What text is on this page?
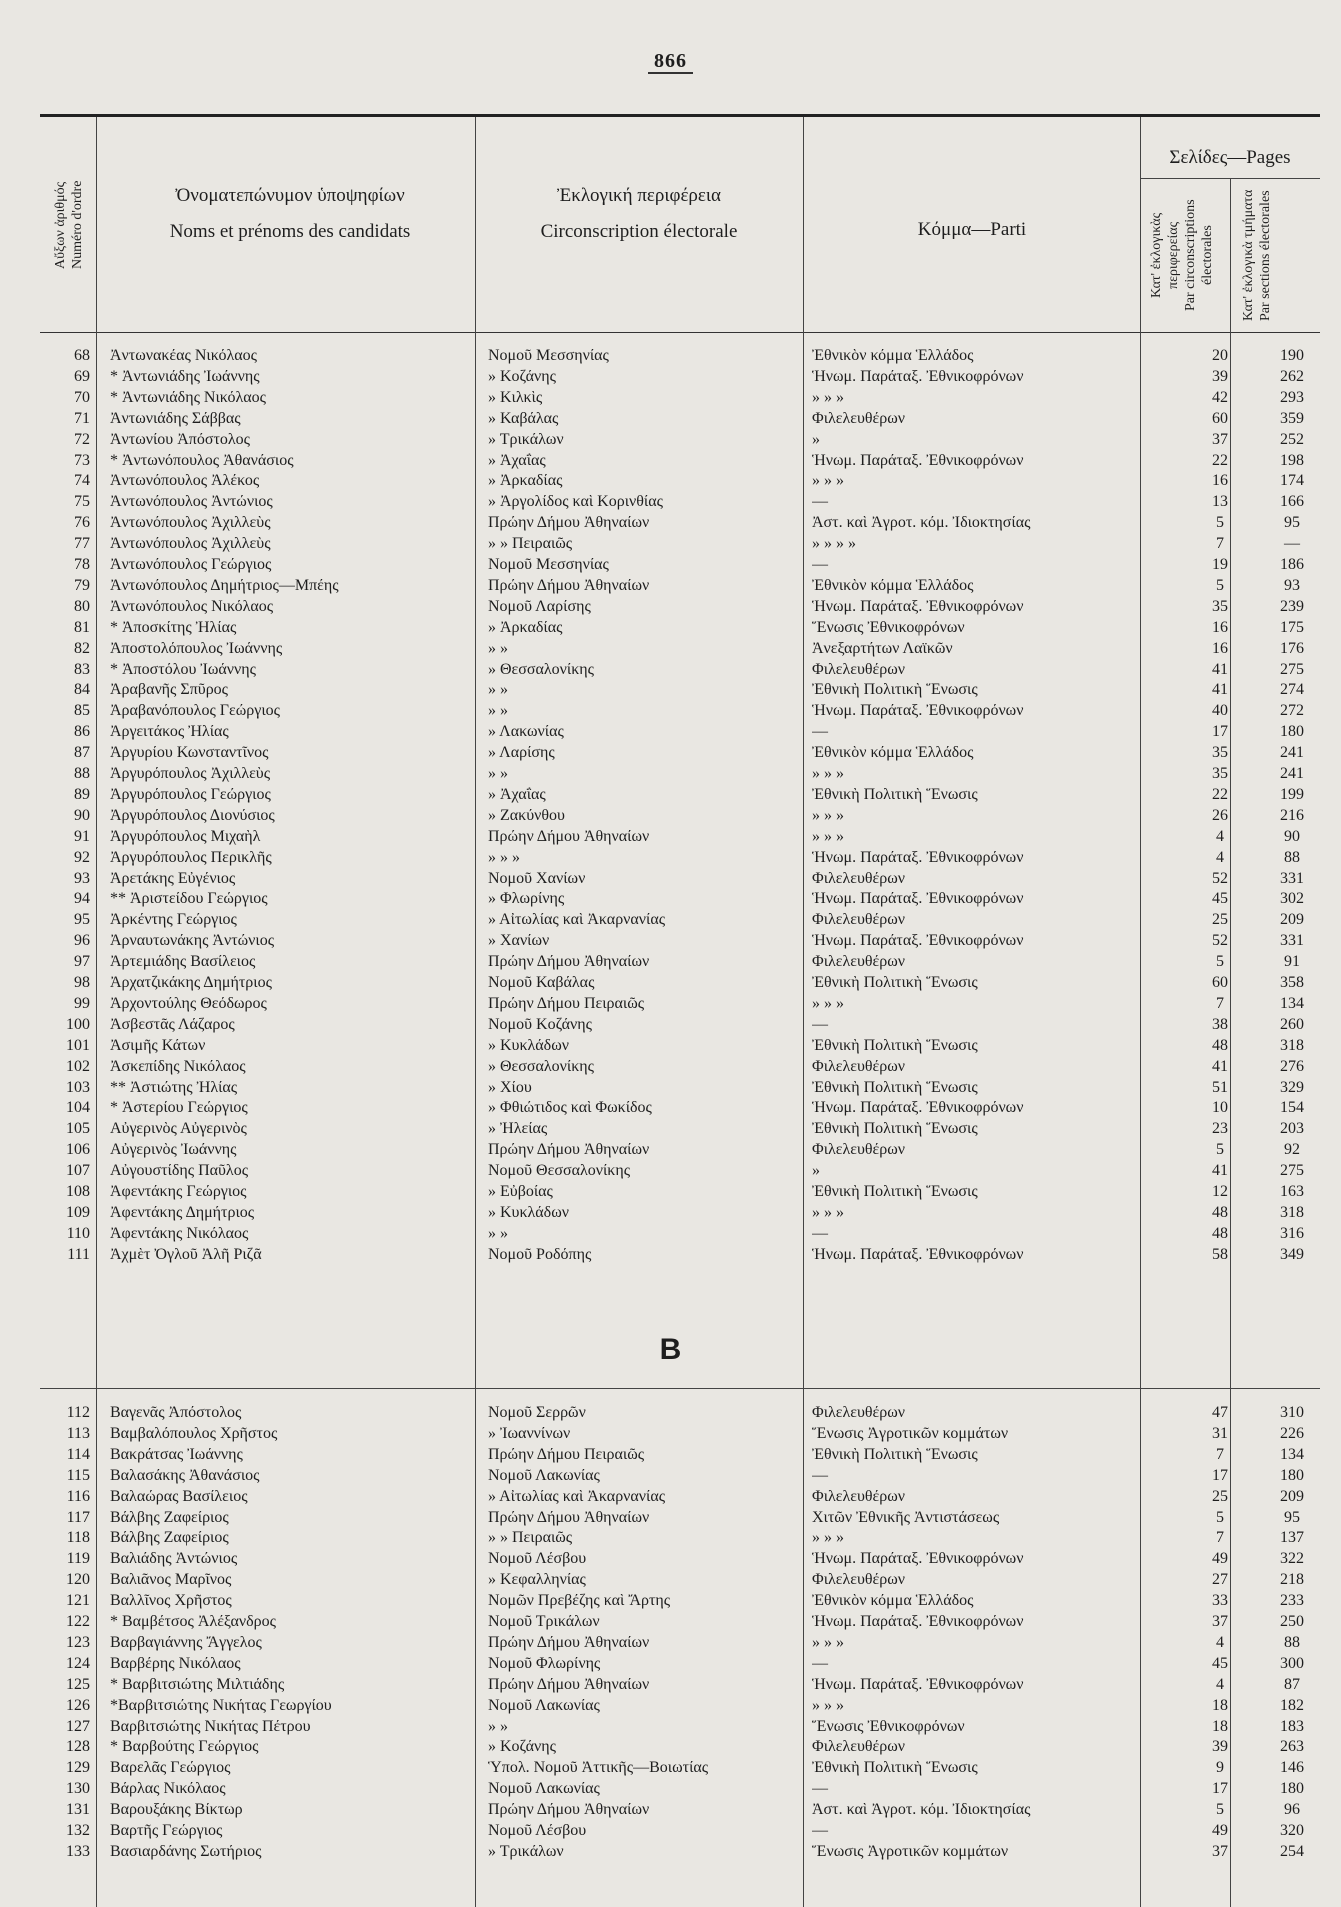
866
Αὔξων ἀριθμός Numéro d'ordre	Ὀνοματεπώνυμον ὑποψηφίων
Noms et prénoms des candidats
Ἐκλογική περιφέρεια
Circonscription électorale	Κόμμα—Parti
Σελίδες—Pages
Κατ' ἐκλογικὰς περιφερείας Par circonscriptions électorales Κατ' ἐκλογικὰ τμήματα Par sections électorales
68 Ἀντωνακέας Νικόλαος	Νομοῦ Μεσσηνίας	Ἐθνικὸν κόμμα Ἑλλάδος	20	190
69 * Ἀντωνιάδης Ἰωάννης	» Κοζάνης	Ἡνωμ. Παράταξ. Ἐθνικοφρόνων	39	262
70 * Ἀντωνιάδης Νικόλαος	» Κιλκὶς	» » »	42	293
71 Ἀντωνιάδης Σάββας	» Καβάλας	Φιλελευθέρων	60	359
72 Ἀντωνίου Ἀπόστολος	» Τρικάλων	»	37	252
73 * Ἀντωνόπουλος Ἀθανάσιος	» Ἀχαΐας	Ἡνωμ. Παράταξ. Ἐθνικοφρόνων	22	198
74 Ἀντωνόπουλος Ἀλέκος	» Ἀρκαδίας	» » »	16	174
75 Ἀντωνόπουλος Ἀντώνιος	» Ἀργολίδος καὶ Κορινθίας	—	13	166
76 Ἀντωνόπουλος Ἀχιλλεὺς	Πρώην Δήμου Ἀθηναίων	Ἀστ. καὶ Ἀγροτ. κόμ. Ἰδιοκτησίας	5	95
77 Ἀντωνόπουλος Ἀχιλλεὺς	» » Πειραιῶς	» » » »	7	—
78 Ἀντωνόπουλος Γεώργιος	Νομοῦ Μεσσηνίας	—	19	186
79 Ἀντωνόπουλος Δημήτριος—Μπέης	Πρώην Δήμου Ἀθηναίων	Ἐθνικὸν κόμμα Ἑλλάδος	5	93
80 Ἀντωνόπουλος Νικόλαος	Νομοῦ Λαρίσης	Ἡνωμ. Παράταξ. Ἐθνικοφρόνων	35	239
81 * Ἀποσκίτης Ἠλίας	» Ἀρκαδίας	Ἕνωσις Ἐθνικοφρόνων	16	175
82 Ἀποστολόπουλος Ἰωάννης	» »	Ἀνεξαρτήτων Λαϊκῶν	16	176
83 * Ἀποστόλου Ἰωάννης	» Θεσσαλονίκης	Φιλελευθέρων	41	275
84 Ἀραβανῆς Σπῦρος	» »	Ἐθνικὴ Πολιτικὴ Ἕνωσις	41	274
85 Ἀραβανόπουλος Γεώργιος	» »	Ἡνωμ. Παράταξ. Ἐθνικοφρόνων	40	272
86 Ἀργειτάκος Ἠλίας	» Λακωνίας	—	17	180
87 Ἀργυρίου Κωνσταντῖνος	» Λαρίσης	Ἐθνικὸν κόμμα Ἑλλάδος	35	241
88 Ἀργυρόπουλος Ἀχιλλεὺς	» »	» » »	35	241
89 Ἀργυρόπουλος Γεώργιος	» Ἀχαΐας	Ἐθνικὴ Πολιτικὴ Ἕνωσις	22	199
90 Ἀργυρόπουλος Διονύσιος	» Ζακύνθου	» » »	26	216
91 Ἀργυρόπουλος Μιχαὴλ	Πρώην Δήμου Ἀθηναίων	» » »	4	90
92 Ἀργυρόπουλος Περικλῆς	» » »	Ἡνωμ. Παράταξ. Ἐθνικοφρόνων	4	88
93 Ἀρετάκης Εὐγένιος	Νομοῦ Χανίων	Φιλελευθέρων	52	331
94 ** Ἀριστείδου Γεώργιος	» Φλωρίνης	Ἡνωμ. Παράταξ. Ἐθνικοφρόνων	45	302
95 Ἀρκέντης Γεώργιος	» Αἰτωλίας καὶ Ἀκαρνανίας	Φιλελευθέρων	25	209
96 Ἀρναυτωνάκης Ἀντώνιος	» Χανίων	Ἡνωμ. Παράταξ. Ἐθνικοφρόνων	52	331
97 Ἀρτεμιάδης Βασίλειος	Πρώην Δήμου Ἀθηναίων	Φιλελευθέρων	5	91
98 Ἀρχατζικάκης Δημήτριος	Νομοῦ Καβάλας	Ἐθνικὴ Πολιτικὴ Ἕνωσις	60	358
99 Ἀρχοντούλης Θεόδωρος	Πρώην Δήμου Πειραιῶς	» » »	7	134
100 Ἀσβεστᾶς Λάζαρος	Νομοῦ Κοζάνης	—	38	260
101 Ἀσιμῆς Κάτων	» Κυκλάδων	Ἐθνικὴ Πολιτικὴ Ἕνωσις	48	318
102 Ἀσκεπίδης Νικόλαος	» Θεσσαλονίκης	Φιλελευθέρων	41	276
103 ** Ἀστιώτης Ἠλίας	» Χίου	Ἐθνικὴ Πολιτικὴ Ἕνωσις	51	329
104 * Ἀστερίου Γεώργιος	» Φθιώτιδος καὶ Φωκίδος	Ἡνωμ. Παράταξ. Ἐθνικοφρόνων	10	154
105 Αὐγερινὸς Αὐγερινὸς	» Ἠλείας	Ἐθνικὴ Πολιτικὴ Ἕνωσις	23	203
106 Αὐγερινὸς Ἰωάννης	Πρώην Δήμου Ἀθηναίων	Φιλελευθέρων	5	92
107 Αὐγουστίδης Παῦλος	Νομοῦ Θεσσαλονίκης	»	41	275
108 Ἀφεντάκης Γεώργιος	» Εὐβοίας	Ἐθνικὴ Πολιτικὴ Ἕνωσις	12	163
109 Ἀφεντάκης Δημήτριος	» Κυκλάδων	» » »	48	318
110 Ἀφεντάκης Νικόλαος	» »	—	48	316
111 Ἀχμὲτ Ὀγλοῦ Ἀλῆ Ριζᾶ	Νομοῦ Ροδόπης	Ἡνωμ. Παράταξ. Ἐθνικοφρόνων	58	349
B
112 Βαγενᾶς Ἀπόστολος	Νομοῦ Σερρῶν	Φιλελευθέρων	47	310
113 Βαμβαλόπουλος Χρῆστος	» Ἰωαννίνων	Ἕνωσις Ἀγροτικῶν κομμάτων	31	226
114 Βακράτσας Ἰωάννης	Πρώην Δήμου Πειραιῶς	Ἐθνικὴ Πολιτικὴ Ἕνωσις	7	134
115 Βαλασάκης Ἀθανάσιος	Νομοῦ Λακωνίας	—	17	180
116 Βαλαώρας Βασίλειος	» Αἰτωλίας καὶ Ἀκαρνανίας	Φιλελευθέρων	25	209
117 Βάλβης Ζαφείριος	Πρώην Δήμου Ἀθηναίων	Χιτῶν Ἐθνικῆς Ἀντιστάσεως	5	95
118 Βάλβης Ζαφείριος	» » Πειραιῶς	» » »	7	137
119 Βαλιάδης Ἀντώνιος	Νομοῦ Λέσβου	Ἡνωμ. Παράταξ. Ἐθνικοφρόνων	49	322
120 Βαλιᾶνος Μαρῖνος	» Κεφαλληνίας	Φιλελευθέρων	27	218
121 Βαλλῖνος Χρῆστος	Νομῶν Πρεβέζης καὶ Ἄρτης	Ἐθνικὸν κόμμα Ἑλλάδος	33	233
122 * Βαμβέτσος Ἀλέξανδρος	Νομοῦ Τρικάλων	Ἡνωμ. Παράταξ. Ἐθνικοφρόνων	37	250
123 Βαρβαγιάννης Ἄγγελος	Πρώην Δήμου Ἀθηναίων	» » »	4	88
124 Βαρβέρης Νικόλαος	Νομοῦ Φλωρίνης	—	45	300
125 * Βαρβιτσιώτης Μιλτιάδης	Πρώην Δήμου Ἀθηναίων	Ἡνωμ. Παράταξ. Ἐθνικοφρόνων	4	87
126 *Βαρβιτσιώτης Νικήτας Γεωργίου	Νομοῦ Λακωνίας	» » »	18	182
127 Βαρβιτσιώτης Νικήτας Πέτρου	» »	Ἕνωσις Ἐθνικοφρόνων	18	183
128 * Βαρβούτης Γεώργιος	» Κοζάνης	Φιλελευθέρων	39	263
129 Βαρελᾶς Γεώργιος	Ὑπολ. Νομοῦ Ἀττικῆς—Βοιωτίας	Ἐθνικὴ Πολιτικὴ Ἕνωσις	9	146
130 Βάρλας Νικόλαος	Νομοῦ Λακωνίας	—	17	180
131 Βαρουξάκης Βίκτωρ	Πρώην Δήμου Ἀθηναίων	Ἀστ. καὶ Ἀγροτ. κόμ. Ἰδιοκτησίας	5	96
132 Βαρτῆς Γεώργιος	Νομοῦ Λέσβου	—	49	320
133 Βασιαρδάνης Σωτήριος	» Τρικάλων	Ἕνωσις Ἀγροτικῶν κομμάτων	37	254
